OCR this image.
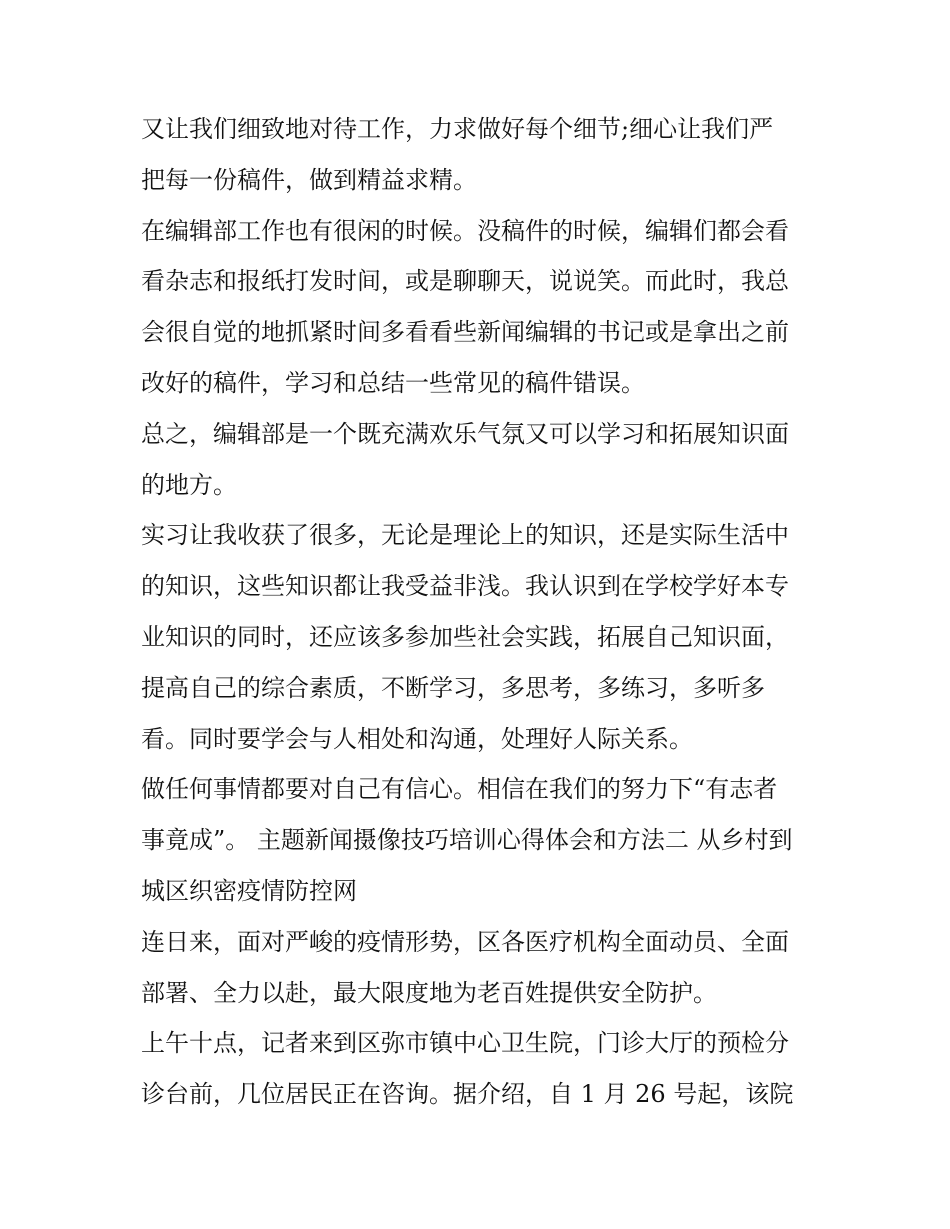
又让我们细致地对待工作，力求做好每个细节;细心让我们严
把每一份稿件，做到精益求精。
在编辑部工作也有很闲的时候。没稿件的时候，编辑们都会看
看杂志和报纸打发时间，或是聊聊天，说说笑。而此时，我总
会很自觉的地抓紧时间多看看些新闻编辑的书记或是拿出之前
改好的稿件，学习和总结一些常见的稿件错误。
总之，编辑部是一个既充满欢乐气氛又可以学习和拓展知识面
的地方。
实习让我收获了很多，无论是理论上的知识，还是实际生活中
的知识，这些知识都让我受益非浅。我认识到在学校学好本专
业知识的同时，还应该多参加些社会实践，拓展自己知识面，
提高自己的综合素质，不断学习，多思考，多练习，多听多
看。同时要学会与人相处和沟通，处理好人际关系。
做任何事情都要对自己有信心。相信在我们的努力下“有志者
事竟成”。 主题新闻摄像技巧培训心得体会和方法二 从乡村到
城区织密疫情防控网
连日来，面对严峻的疫情形势，区各医疗机构全面动员、全面
部署、全力以赴，最大限度地为老百姓提供安全防护。
上午十点，记者来到区弥市镇中心卫生院，门诊大厅的预检分
诊台前，几位居民正在咨询。据介绍，自 1 月 26 号起，该院
